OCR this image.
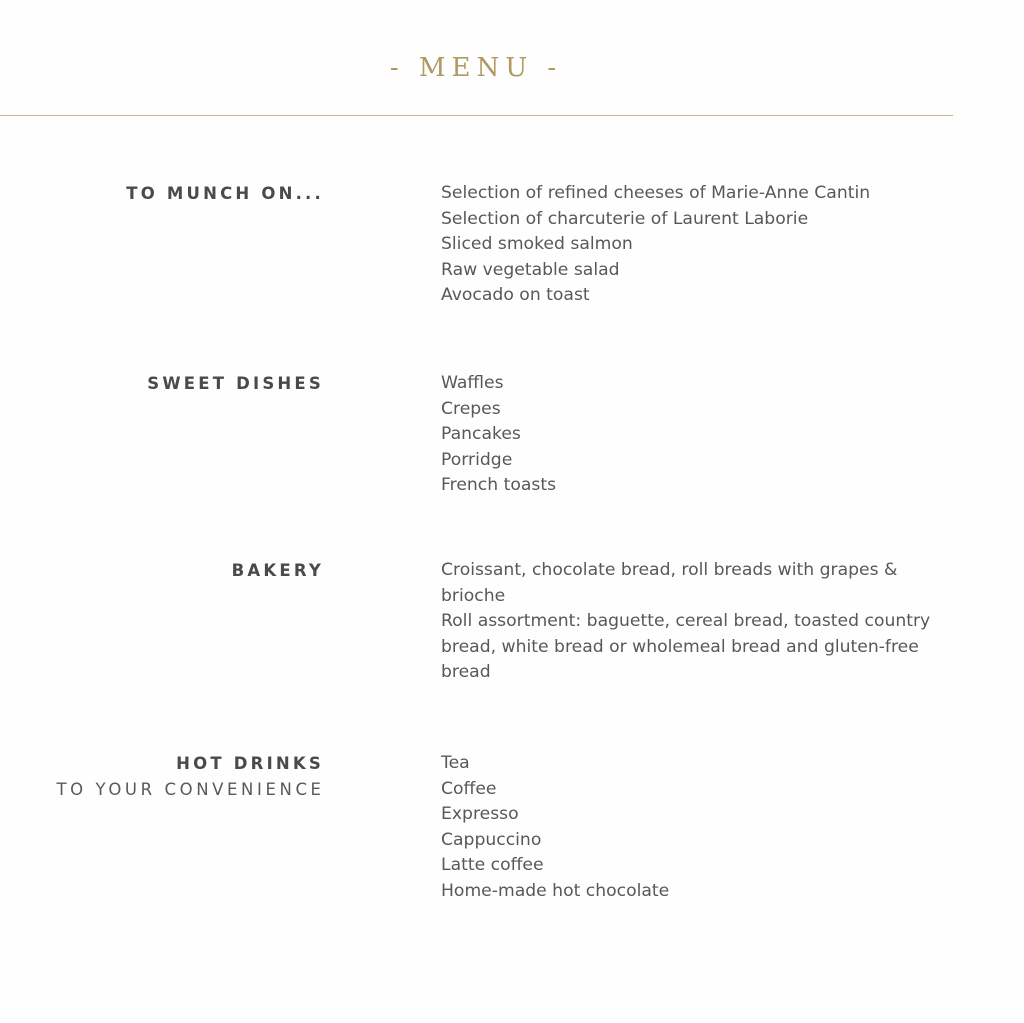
- MENU -
TO MUNCH ON...	Selection of refined cheeses of Marie-Anne Cantin
Selection of charcuterie of Laurent Laborie
Sliced smoked salmon
Raw vegetable salad
Avocado on toast
SWEET DISHES	Waffles
Crepes
Pancakes
Porridge
French toasts
BAKERY	Croissant, chocolate bread, roll breads with grapes & brioche
Roll assortment: baguette, cereal bread, toasted country bread, white bread or wholemeal bread and gluten-free bread
HOT DRINKS
TO YOUR CONVENIENCE
Tea
Coffee
Expresso
Cappuccino
Latte coffee
Home-made hot chocolate
